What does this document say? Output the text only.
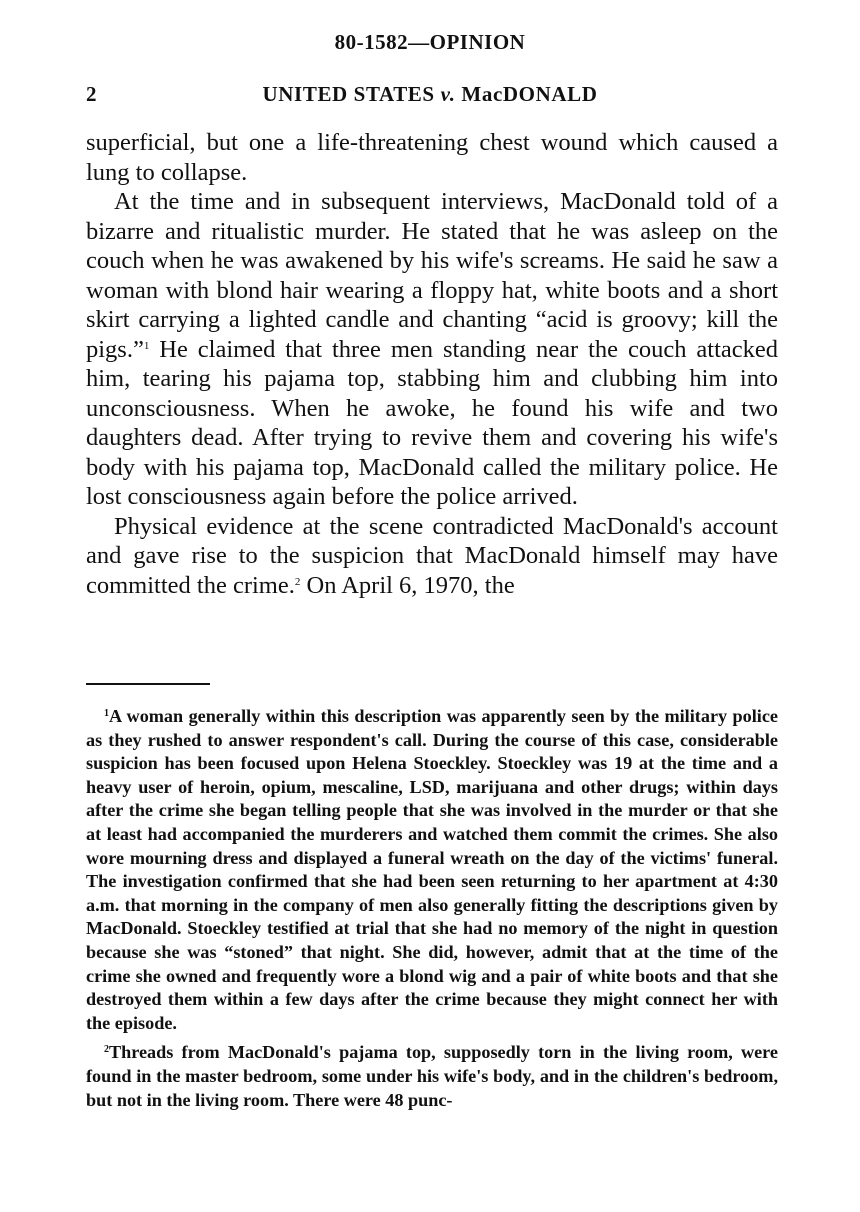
80-1582—OPINION
2	UNITED STATES v. MacDONALD

superficial, but one a life-threatening chest wound which caused a lung to collapse.

At the time and in subsequent interviews, MacDonald told of a bizarre and ritualistic murder. He stated that he was asleep on the couch when he was awakened by his wife's screams. He said he saw a woman with blond hair wearing a floppy hat, white boots and a short skirt carrying a lighted candle and chanting “acid is groovy; kill the pigs.”$^1$ He claimed that three men standing near the couch attacked him, tearing his pajama top, stabbing him and clubbing him into unconsciousness. When he awoke, he found his wife and two daughters dead. After trying to revive them and covering his wife's body with his pajama top, MacDonald called the military police. He lost consciousness again before the police arrived.

Physical evidence at the scene contradicted MacDonald's account and gave rise to the suspicion that MacDonald himself may have committed the crime.$^2$ On April 6, 1970, the

$^1$A woman generally within this description was apparently seen by the military police as they rushed to answer respondent's call. During the course of this case, considerable suspicion has been focused upon Helena Stoeckley. Stoeckley was 19 at the time and a heavy user of heroin, opium, mescaline, LSD, marijuana and other drugs; within days after the crime she began telling people that she was involved in the murder or that she at least had accompanied the murderers and watched them commit the crimes. She also wore mourning dress and displayed a funeral wreath on the day of the victims' funeral. The investigation confirmed that she had been seen returning to her apartment at 4:30 a.m. that morning in the company of men also generally fitting the descriptions given by MacDonald. Stoeckley testified at trial that she had no memory of the night in question because she was “stoned” that night. She did, however, admit that at the time of the crime she owned and frequently wore a blond wig and a pair of white boots and that she destroyed them within a few days after the crime because they might connect her with the episode.

$^2$Threads from MacDonald's pajama top, supposedly torn in the living room, were found in the master bedroom, some under his wife's body, and in the children's bedroom, but not in the living room. There were 48 punc-
